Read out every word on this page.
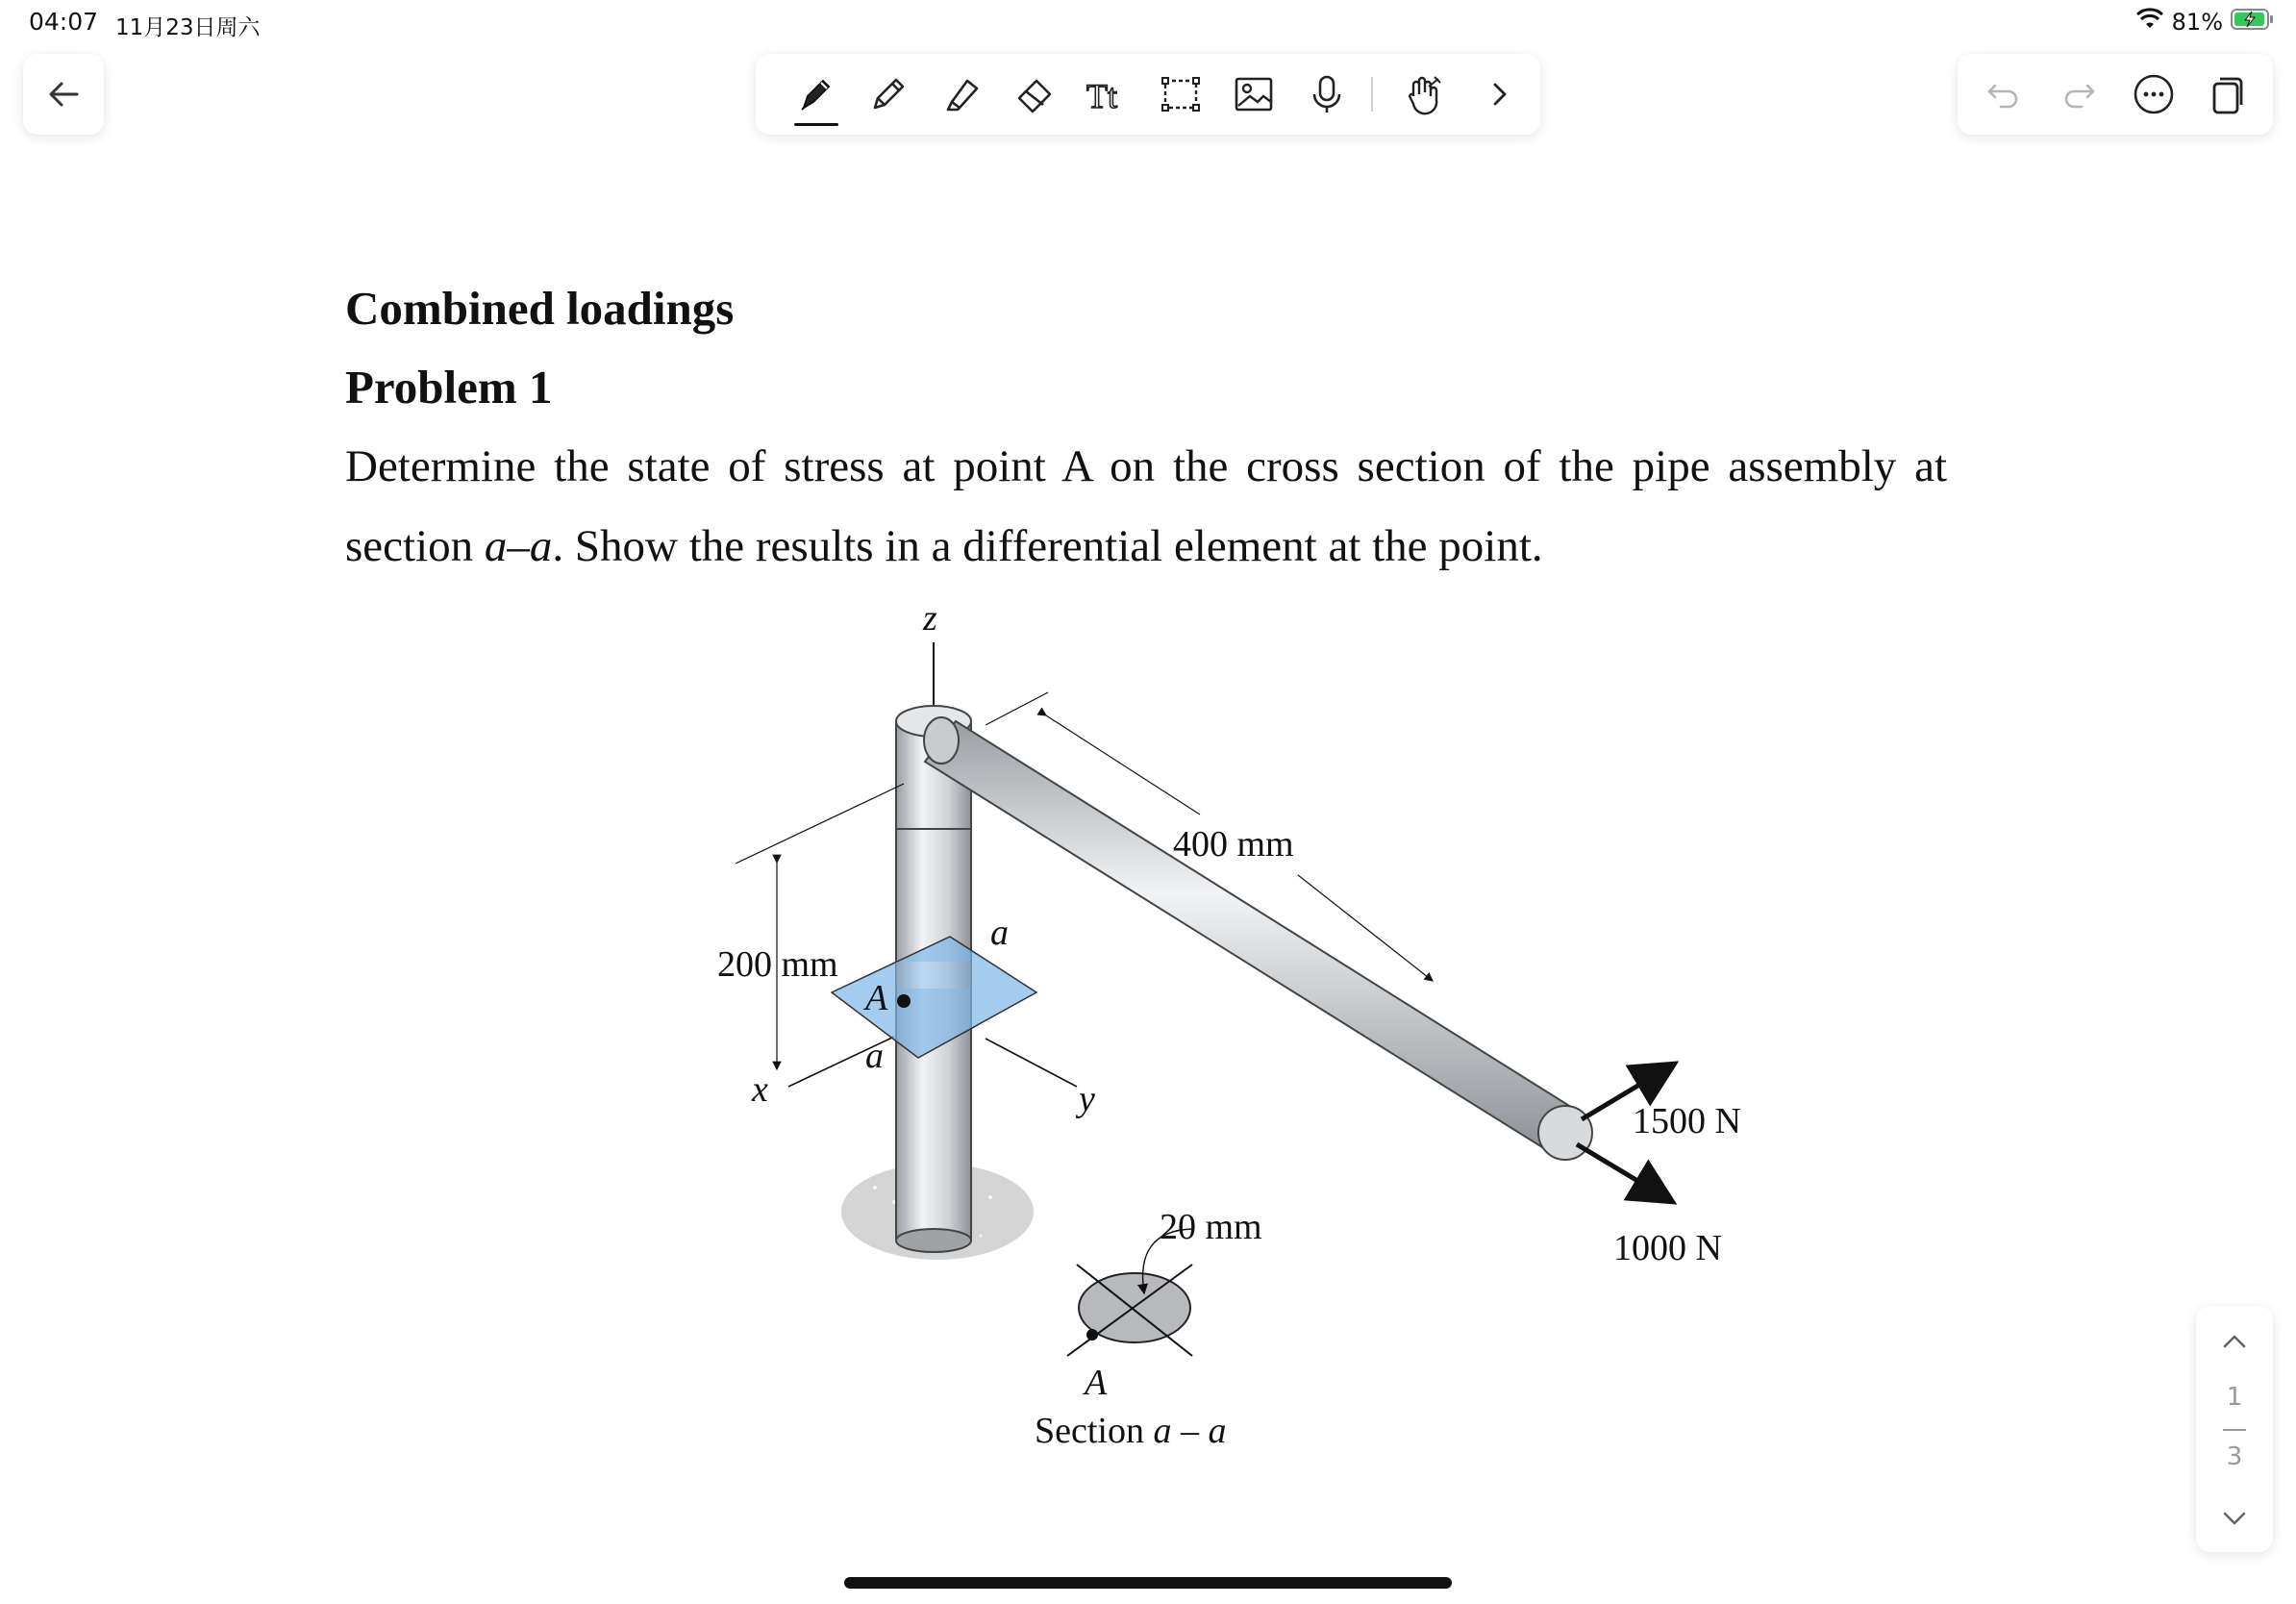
04:07 11月23日周六	81%
Tt
Combined loadings
Problem 1
Determine the state of stress at point A on the cross section of the pipe assembly at
section a–a. Show the results in a differential element at the point.
z
x	y
A
a
a
200 mm
400 mm
1500 N
1000 N
20 mm
A
Section a – a
1
3
